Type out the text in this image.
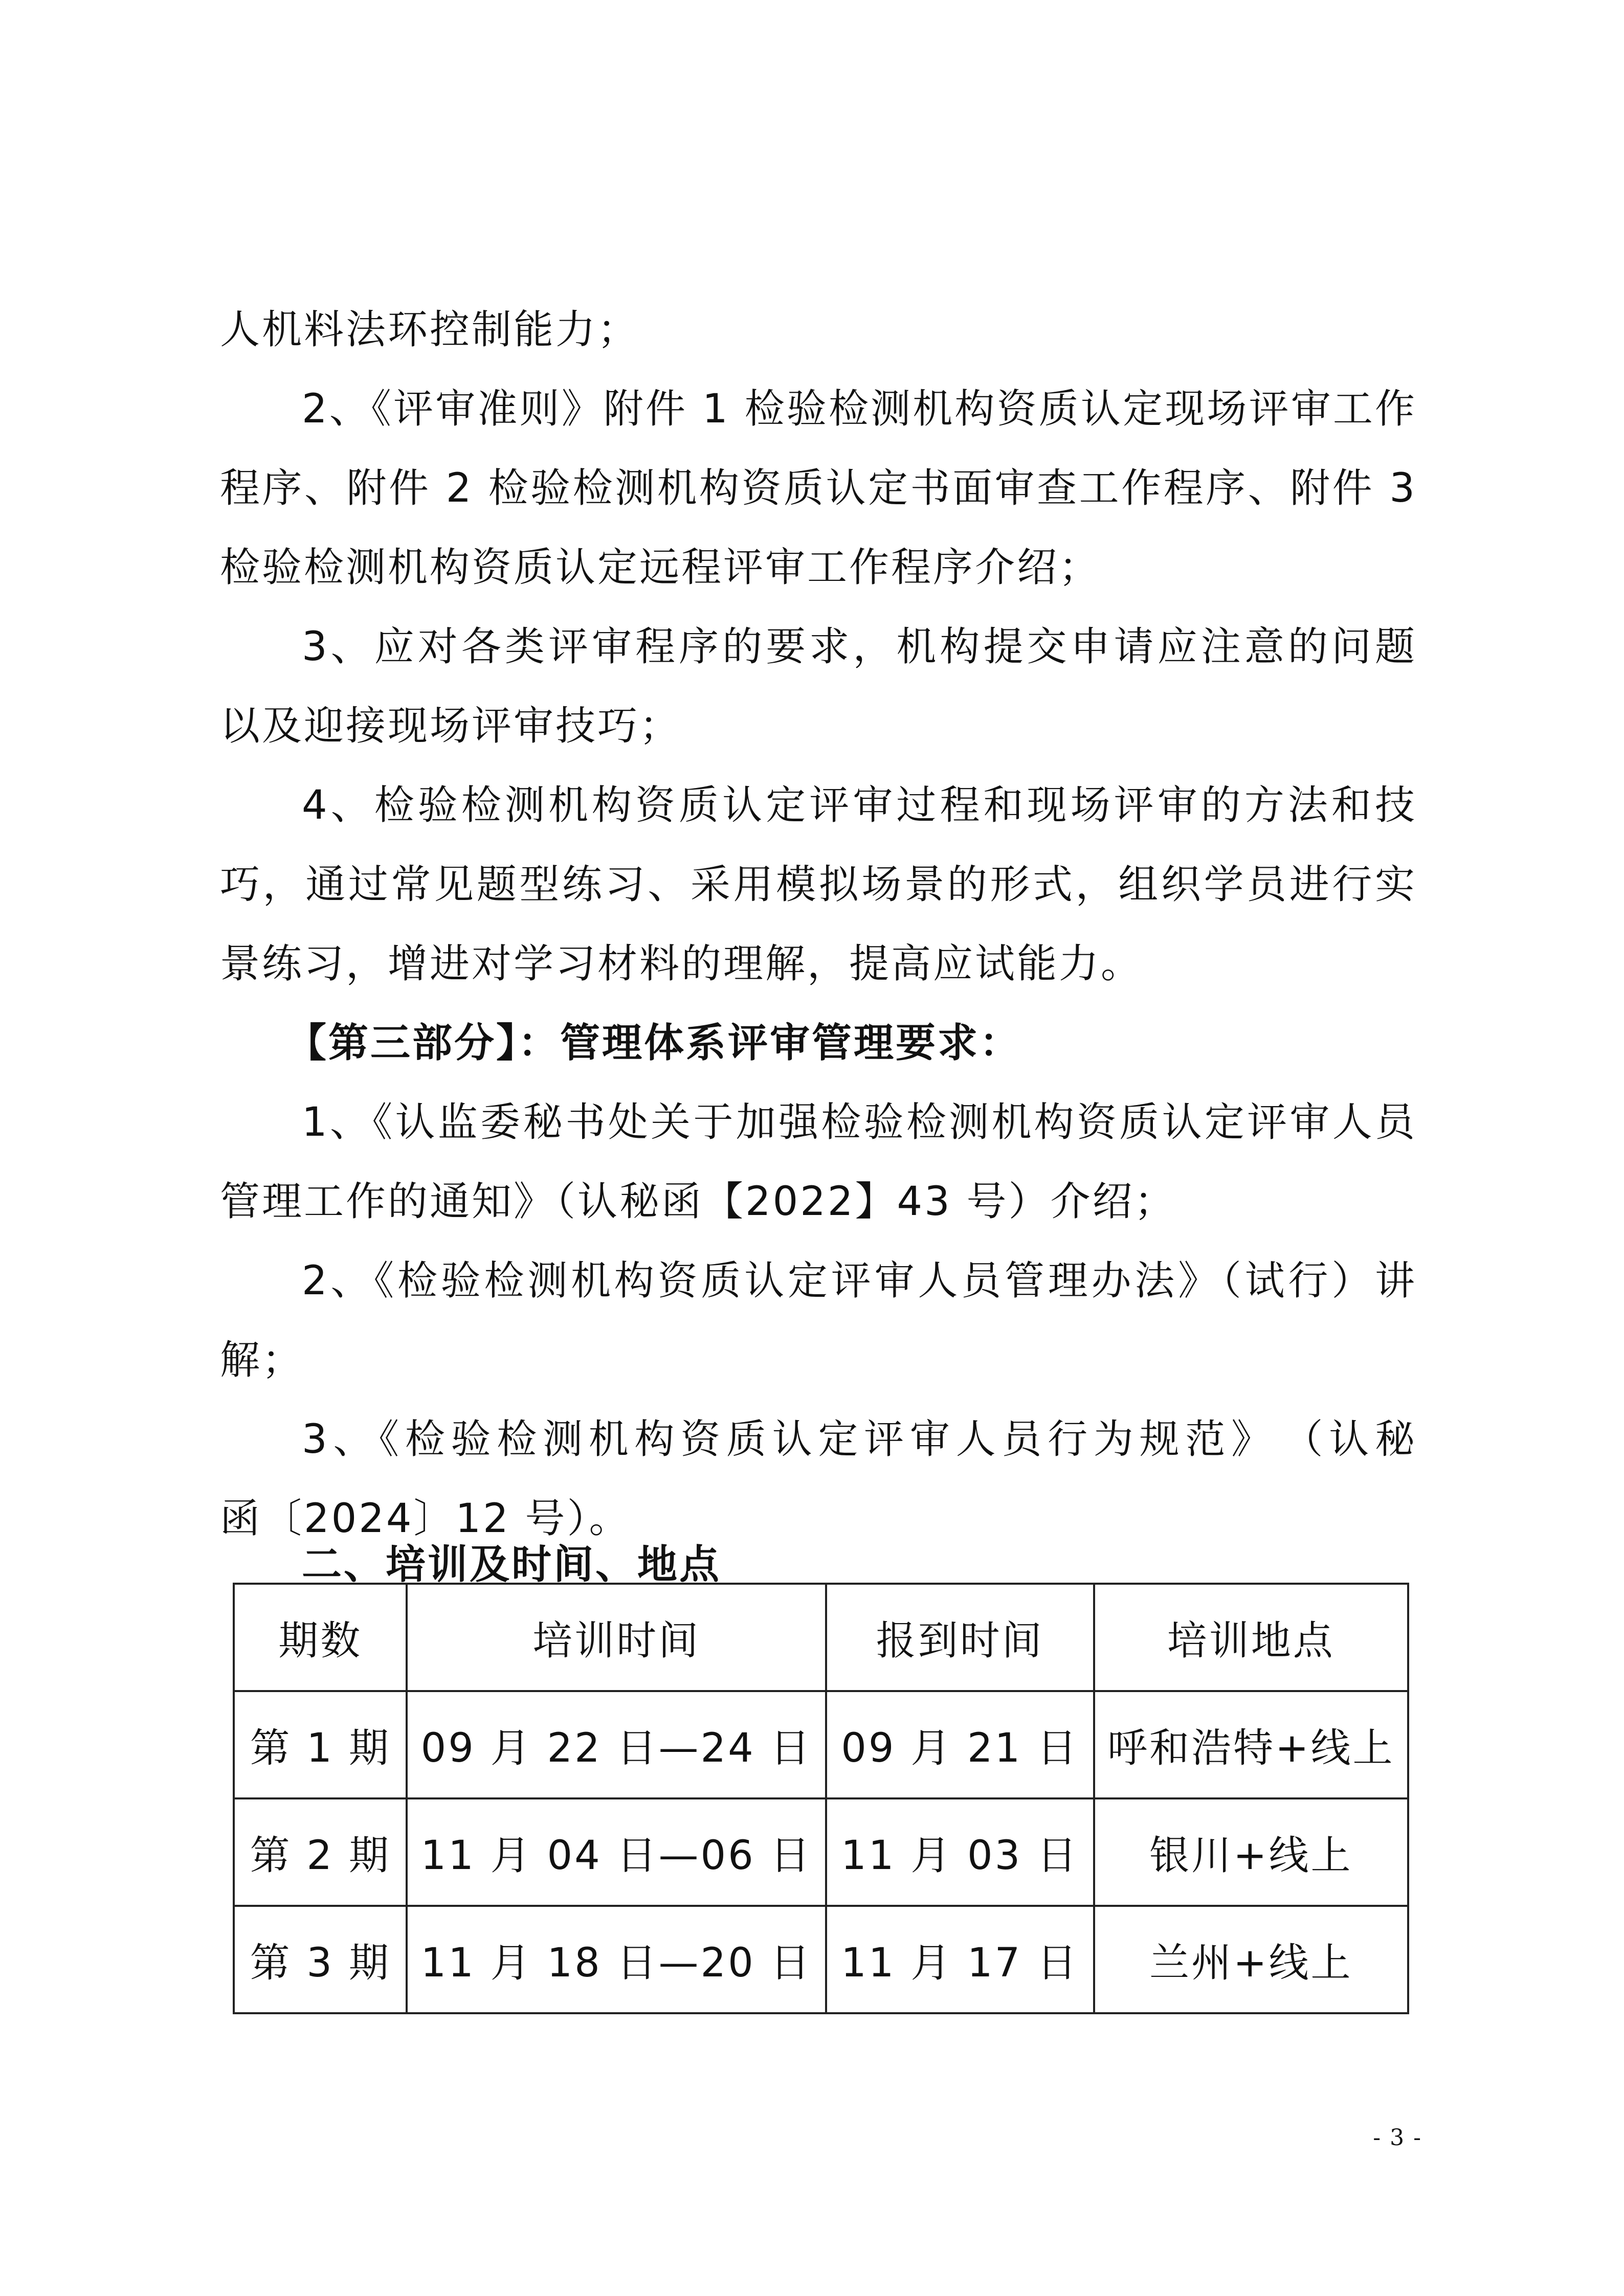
人机料法环控制能力；
2、《评审准则》附件 1 检验检测机构资质认定现场评审工作
程序、附件 2 检验检测机构资质认定书面审查工作程序、附件 3
检验检测机构资质认定远程评审工作程序介绍；
3、应对各类评审程序的要求，机构提交申请应注意的问题
以及迎接现场评审技巧；
4、检验检测机构资质认定评审过程和现场评审的方法和技
巧，通过常见题型练习、采用模拟场景的形式，组织学员进行实
景练习，增进对学习材料的理解，提高应试能力。
【第三部分】：管理体系评审管理要求：
1、《认监委秘书处关于加强检验检测机构资质认定评审人员
管理工作的通知》（认秘函【2022】43 号）介绍；
2、《检验检测机构资质认定评审人员管理办法》（试行）讲
解；
3、《检验检测机构资质认定评审人员行为规范》　（认秘
函〔2024〕12 号）。
二、培训及时间、地点
期数	培训时间	报到时间	培训地点
第 1 期	09 月 22 日—24 日	09 月 21 日	呼和浩特+线上
第 2 期	11 月 04 日—06 日	11 月 03 日	银川+线上
第 3 期	11 月 18 日—20 日	11 月 17 日	兰州+线上
- 3 -
